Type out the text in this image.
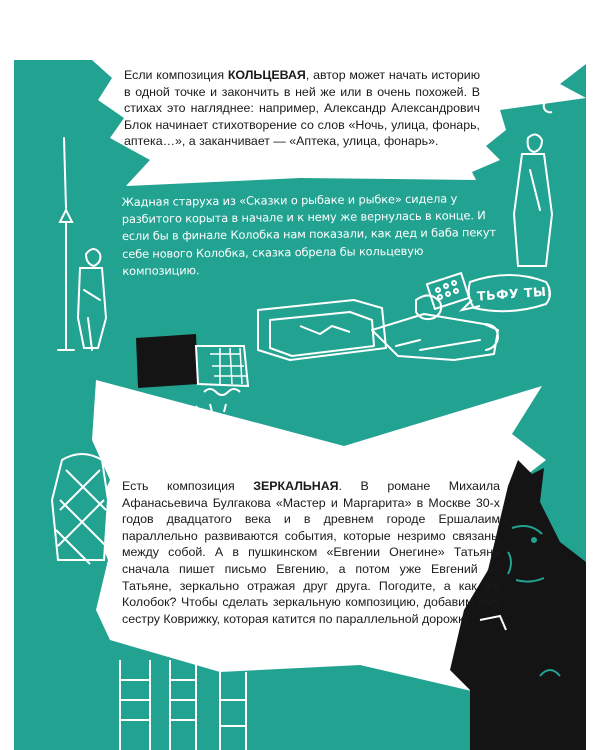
Если композиция КОЛЬЦЕВАЯ, автор может начать историю в одной точке и закончить в ней же или в очень похожей. В стихах это нагляднее: например, Александр Александрович Блок начинает стихотворение со слов «Ночь, улица, фонарь, аптека…», а заканчивает — «Аптека, улица, фонарь».
Жадная старуха из «Сказки о рыбаке и рыбке» сидела у разбитого корыта в начале и к нему же вернулась в конце. И если бы в финале Колобка нам показали, как дед и баба пекут себе нового Колобка, сказка обрела бы кольцевую композицию.
ТЬФУ ТЫ!
Есть композиция ЗЕРКАЛЬНАЯ. В романе Михаила Афанасьевича Булгакова «Мастер и Маргарита» в Москве 30-х годов двадцатого века и в древнем городе Ершалаим параллельно развиваются события, которые незримо связаны между собой. А в пушкинском «Евгении Онегине» Татьяна сначала пишет письмо Евгению, а потом уже Евгений — Татьяне, зеркально отражая друг друга. Погодите, а как же Колобок? Чтобы сделать зеркальную композицию, добавим ему сестру Коврижку, которая катится по параллельной дорожке.
